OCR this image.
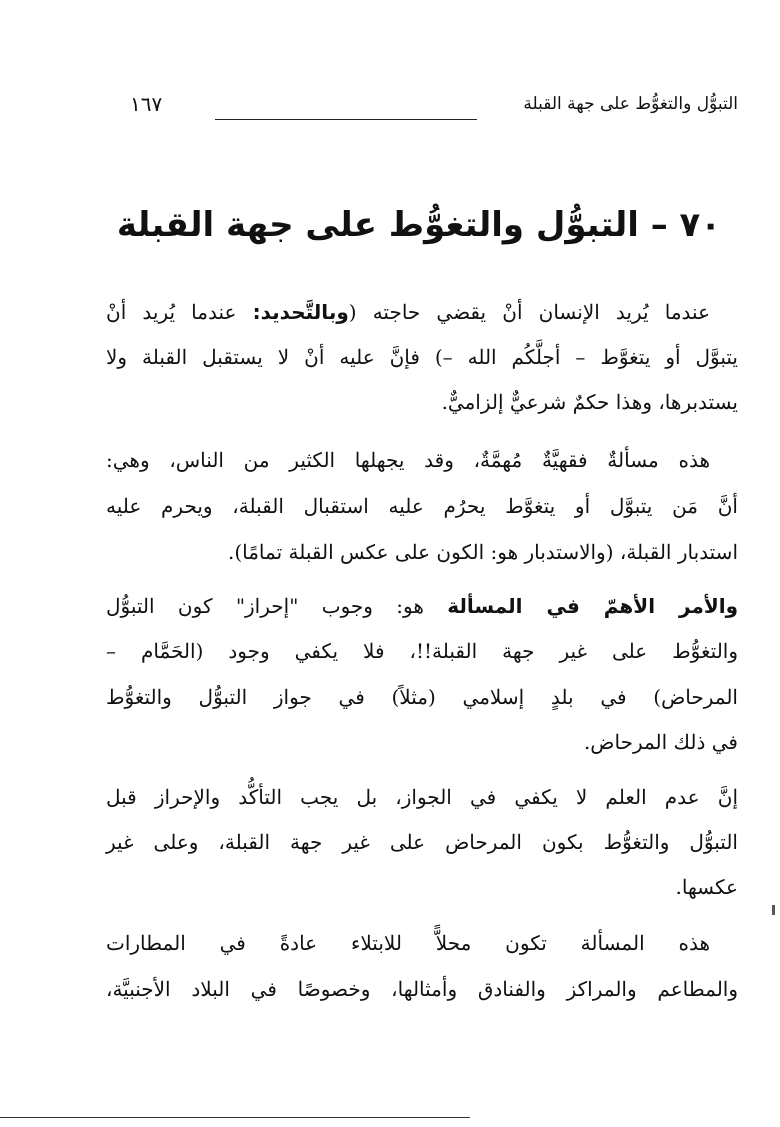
التبوُّل والتغوُّط على جهة القبلة
١٦٧
٧٠ – التبوُّل والتغوُّط على جهة القبلة
عندما يُريد الإنسان أنْ يقضي حاجته (وبالتَّحديد: عندما يُريد أنْ
يتبوَّل أو يتغوَّط – أجلَّكُم الله –) فإنَّ عليه أنْ لا يستقبل القبلة ولا
يستدبرها، وهذا حكمٌ شرعيٌّ إلزاميٌّ.
هذه مسألةٌ فقهيَّةٌ مُهمَّةٌ، وقد يجهلها الكثير من الناس، وهي:
أنَّ مَن يتبوَّل أو يتغوَّط يحرُم عليه استقبال القبلة، ويحرم عليه
استدبار القبلة، (والاستدبار هو: الكون على عكس القبلة تمامًا).
والأمر الأهمّ في المسألة هو: وجوب "إحراز" كون التبوُّل
والتغوُّط على غير جهة القبلة!!، فلا يكفي وجود (الحَمَّام –
المرحاض) في بلدٍ إسلامي (مثلاً) في جواز التبوُّل والتغوُّط
في ذلك المرحاض.
إنَّ عدم العلم لا يكفي في الجواز، بل يجب التأكُّد والإحراز قبل
التبوُّل والتغوُّط بكون المرحاض على غير جهة القبلة، وعلى غير
عكسها.
هذه المسألة تكون محلاًّ للابتلاء عادةً في المطارات
والمطاعم والمراكز والفنادق وأمثالها، وخصوصًا في البلاد الأجنبيَّة،
